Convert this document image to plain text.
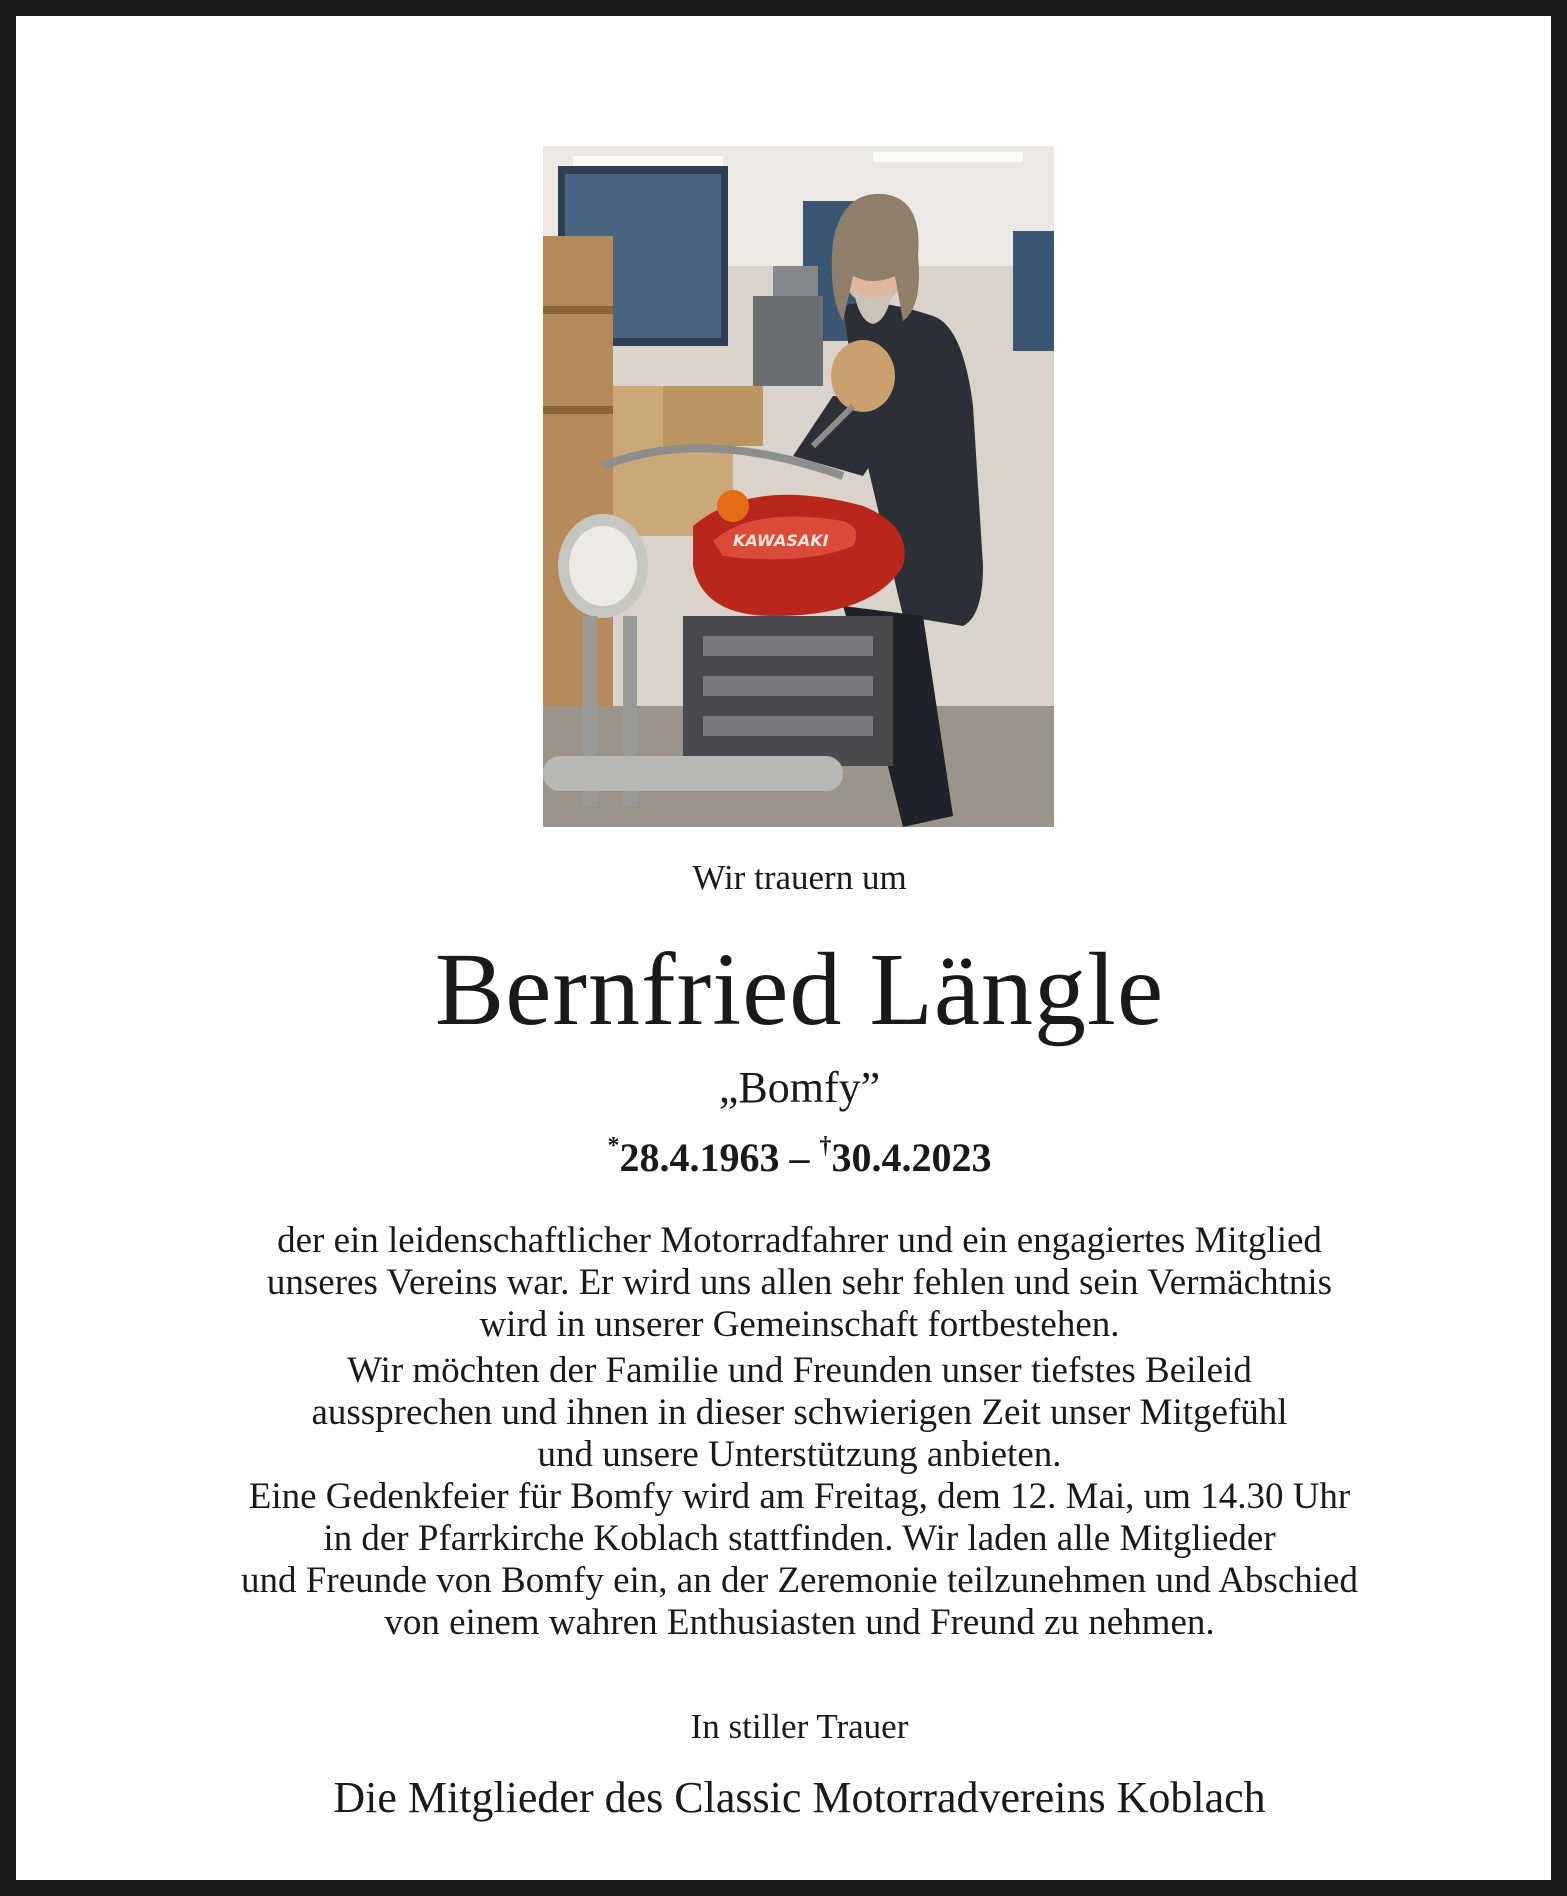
KAWASAKI
Wir trauern um
Bernfried Längle
„Bomfy”
*28.4.1963 – †30.4.2023

der ein leidenschaftlicher Motorradfahrer und ein engagiertes Mitglied
unseres Vereins war. Er wird uns allen sehr fehlen und sein Vermächtnis
wird in unserer Gemeinschaft fortbestehen.

Wir möchten der Familie und Freunden unser tiefstes Beileid
aussprechen und ihnen in dieser schwierigen Zeit unser Mitgefühl
und unsere Unterstützung anbieten.
Eine Gedenkfeier für Bomfy wird am Freitag, dem 12. Mai, um 14.30 Uhr
in der Pfarrkirche Koblach stattfinden. Wir laden alle Mitglieder
und Freunde von Bomfy ein, an der Zeremonie teilzunehmen und Abschied
von einem wahren Enthusiasten und Freund zu nehmen.

In stiller Trauer
Die Mitglieder des Classic Motorradvereins Koblach
